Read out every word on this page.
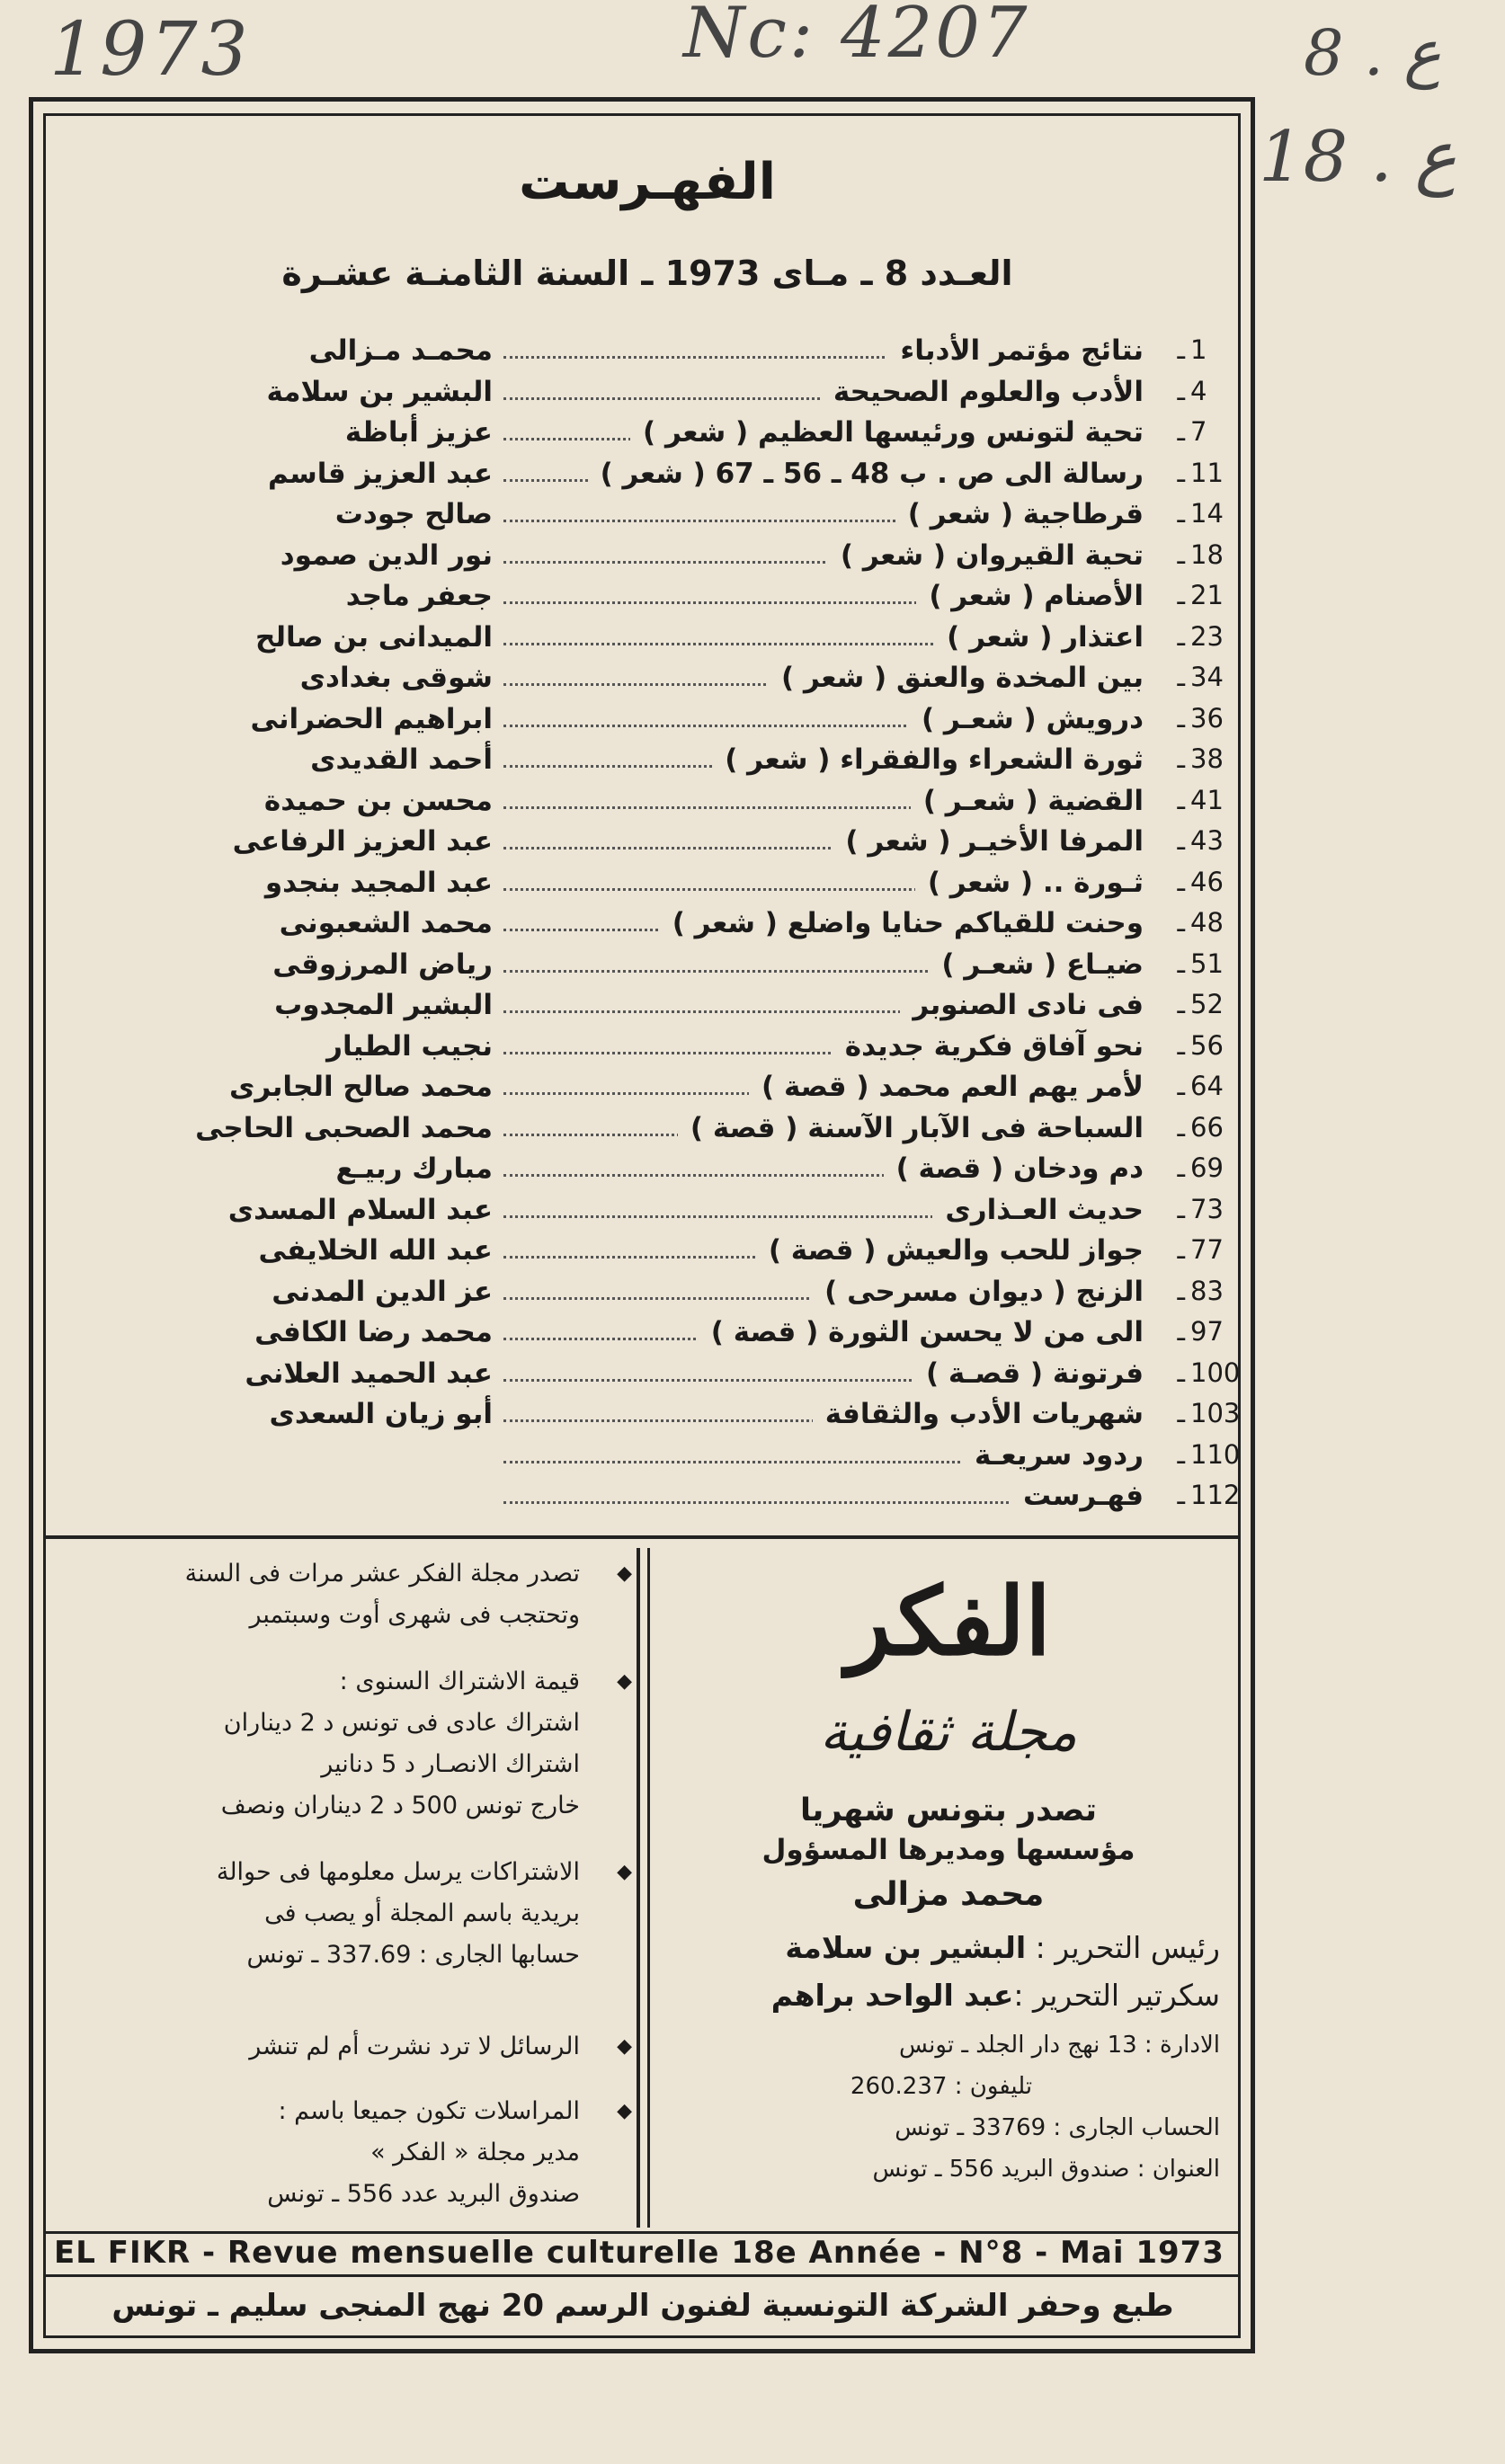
1973	Nc: 4207	8 . ع
18 . ع
الفهـرست
العـدد 8 ـ مـاى 1973 ـ السنة الثامنـة عشـرة
1
ـ
نتائج مؤتمر الأدباء
محمـد مـزالى
4
ـ
الأدب والعلوم الصحيحة
البشير بن سلامة
7
ـ
تحية لتونس ورئيسها العظيم ( شعر )
عزيز أباظة
11
ـ
رسالة الى ص . ب 48 ـ 56 ـ 67 ( شعر )
عبد العزيز قاسم
14
ـ
قرطاجية ( شعر )
صالح جودت
18
ـ
تحية القيروان ( شعر )
نور الدين صمود
21
ـ
الأصنام ( شعر )
جعفر ماجد
23
ـ
اعتذار ( شعر )
الميدانى بن صالح
34
ـ
بين المخدة والعنق ( شعر )
شوقى بغدادى
36
ـ
درويش ( شعـر )
ابراهيم الحضرانى
38
ـ
ثورة الشعراء والفقراء ( شعر )
أحمد القديدى
41
ـ
القضية ( شعـر )
محسن بن حميدة
43
ـ
المرفا الأخيـر ( شعر )
عبد العزيز الرفاعى
46
ـ
ثـورة .. ( شعر )
عبد المجيد بنجدو
48
ـ
وحنت للقياكم حنايا واضلع ( شعر )
محمد الشعبونى
51
ـ
ضيـاع ( شعـر )
رياض المرزوقى
52
ـ
فى نادى الصنوبر
البشير المجدوب
56
ـ
نحو آفاق فكرية جديدة
نجيب الطيار
64
ـ
لأمر يهم العم محمد ( قصة )
محمد صالح الجابرى
66
ـ
السباحة فى الآبار الآسنة ( قصة )
محمد الصحبى الحاجى
69
ـ
دم ودخان ( قصة )
مبارك ربيـع
73
ـ
حديث العـذارى
عبد السلام المسدى
77
ـ
جواز للحب والعيش ( قصة )
عبد الله الخلايفى
83
ـ
الزنج ( ديوان مسرحى )
عز الدين المدنى
97
ـ
الى من لا يحسن الثورة ( قصة )
محمد رضا الكافى
100
ـ
فرتونة ( قصـة )
عبد الحميد العلانى
103
ـ
شهريات الأدب والثقافة
أبو زيان السعدى
110
ـ
ردود سريعـة
112
ـ
فهـرست
◆
تصدر مجلة الفكر عشر مرات فى السنة
وتحتجب فى شهرى أوت وسبتمبر
◆
قيمة الاشتراك السنوى :
اشتراك عادى فى تونس د 2 ديناران
اشتراك الانصـار د 5 دنانير
خارج تونس 500 د 2 ديناران ونصف
◆
الاشتراكات يرسل معلومها فى حوالة
بريدية باسم المجلة أو يصب فى
حسابها الجارى : 337.69 ـ تونس
◆
الرسائل لا ترد نشرت أم لم تنشر
◆
المراسلات تكون جميعا باسم :
مدير مجلة « الفكر »
صندوق البريد عدد 556 ـ تونس
الفكر
مجلة ثقافية
تصدر بتونس شهريا
مؤسسها ومديرها المسؤول
محمد مزالى
رئيس التحرير : البشير بن سلامة
سكرتير التحرير :عبد الواحد براهم
الادارة : 13 نهج دار الجلد ـ تونس
تليفون : 260.237
الحساب الجارى : 33769 ـ تونس
العنوان : صندوق البريد 556 ـ تونس
EL FIKR - Revue mensuelle culturelle 18e Année - N°8 - Mai 1973
طبع وحفر الشركة التونسية لفنون الرسم 20 نهج المنجى سليم ـ تونس
